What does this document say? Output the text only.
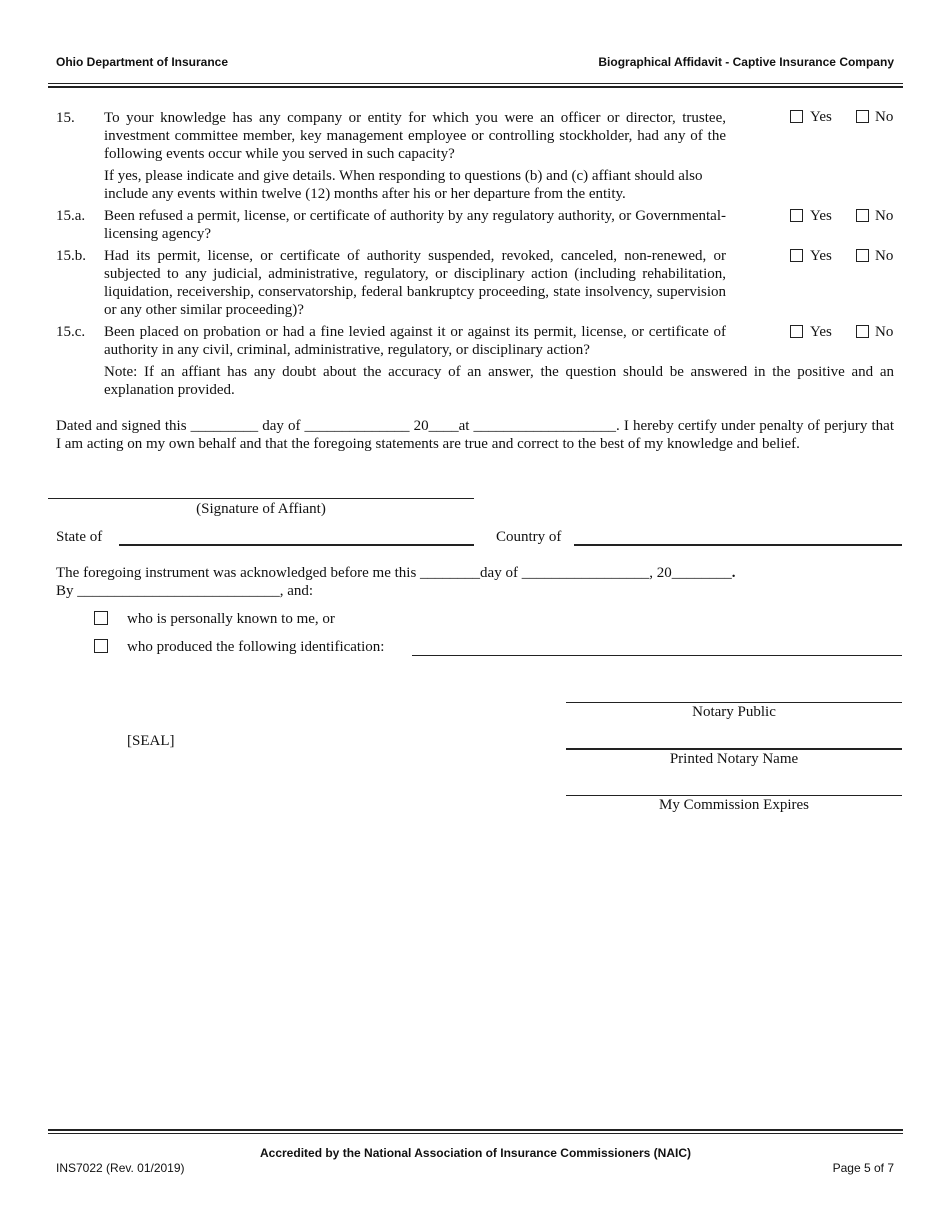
Ohio Department of Insurance	Biographical Affidavit - Captive Insurance Company
15. To your knowledge has any company or entity for which you were an officer or director, trustee, investment committee member, key management employee or controlling stockholder, had any of the following events occur while you served in such capacity?
Yes	No
If yes, please indicate and give details. When responding to questions (b) and (c) affiant should also include any events within twelve (12) months after his or her departure from the entity.
15.a. Been refused a permit, license, or certificate of authority by any regulatory authority, or Governmental-licensing agency?
Yes	No
15.b. Had its permit, license, or certificate of authority suspended, revoked, canceled, non-renewed, or subjected to any judicial, administrative, regulatory, or disciplinary action (including rehabilitation, liquidation, receivership, conservatorship, federal bankruptcy proceeding, state insolvency, supervision or any other similar proceeding)?
Yes	No
15.c. Been placed on probation or had a fine levied against it or against its permit, license, or certificate of authority in any civil, criminal, administrative, regulatory, or disciplinary action?
Yes	No
Note: If an affiant has any doubt about the accuracy of an answer, the question should be answered in the positive and an explanation provided.
Dated and signed this _________ day of ______________ 20____at ___________________. I hereby certify under penalty of perjury that I am acting on my own behalf and that the foregoing statements are true and correct to the best of my knowledge and belief.
(Signature of Affiant)
State of	Country of
The foregoing instrument was acknowledged before me this ________day of _________________, 20________.
By ___________________________, and:
who is personally known to me, or
who produced the following identification:
[SEAL]
Notary Public
Printed Notary Name
My Commission Expires
Accredited by the National Association of Insurance Commissioners (NAIC)
INS7022 (Rev. 01/2019)	Page 5 of 7
